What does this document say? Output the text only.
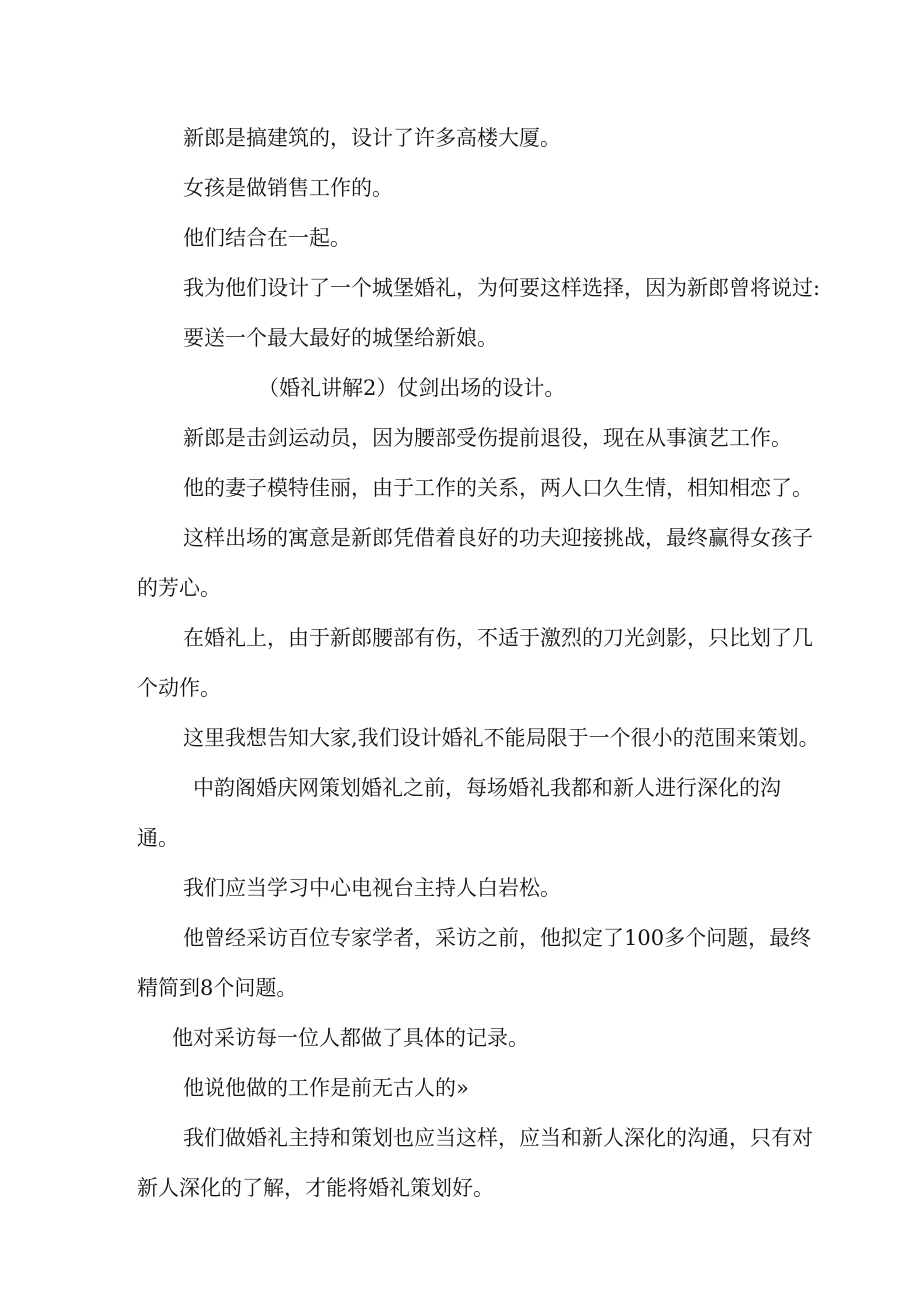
新郎是搞建筑的，设计了许多高楼大厦。

女孩是做销售工作的。

他们结合在一起。

我为他们设计了一个城堡婚礼，为何要这样选择，因为新郎曾将说过:

要送一个最大最好的城堡给新娘。

（婚礼讲解2）仗剑出场的设计。

新郎是击剑运动员，因为腰部受伤提前退役，现在从事演艺工作。

他的妻子模特佳丽，由于工作的关系，两人口久生情，相知相恋了。

这样出场的寓意是新郎凭借着良好的功夫迎接挑战，最终赢得女孩子

的芳心。

在婚礼上，由于新郎腰部有伤，不适于激烈的刀光剑影，只比划了几

个动作。

这里我想告知大家,我们设计婚礼不能局限于一个很小的范围来策划。

中韵阁婚庆网策划婚礼之前，每场婚礼我都和新人进行深化的沟

通。

我们应当学习中心电视台主持人白岩松。

他曾经采访百位专家学者，采访之前，他拟定了100多个问题，最终

精简到8个问题。

他对采访每一位人都做了具体的记录。

他说他做的工作是前无古人的»

我们做婚礼主持和策划也应当这样，应当和新人深化的沟通，只有对

新人深化的了解，才能将婚礼策划好。
